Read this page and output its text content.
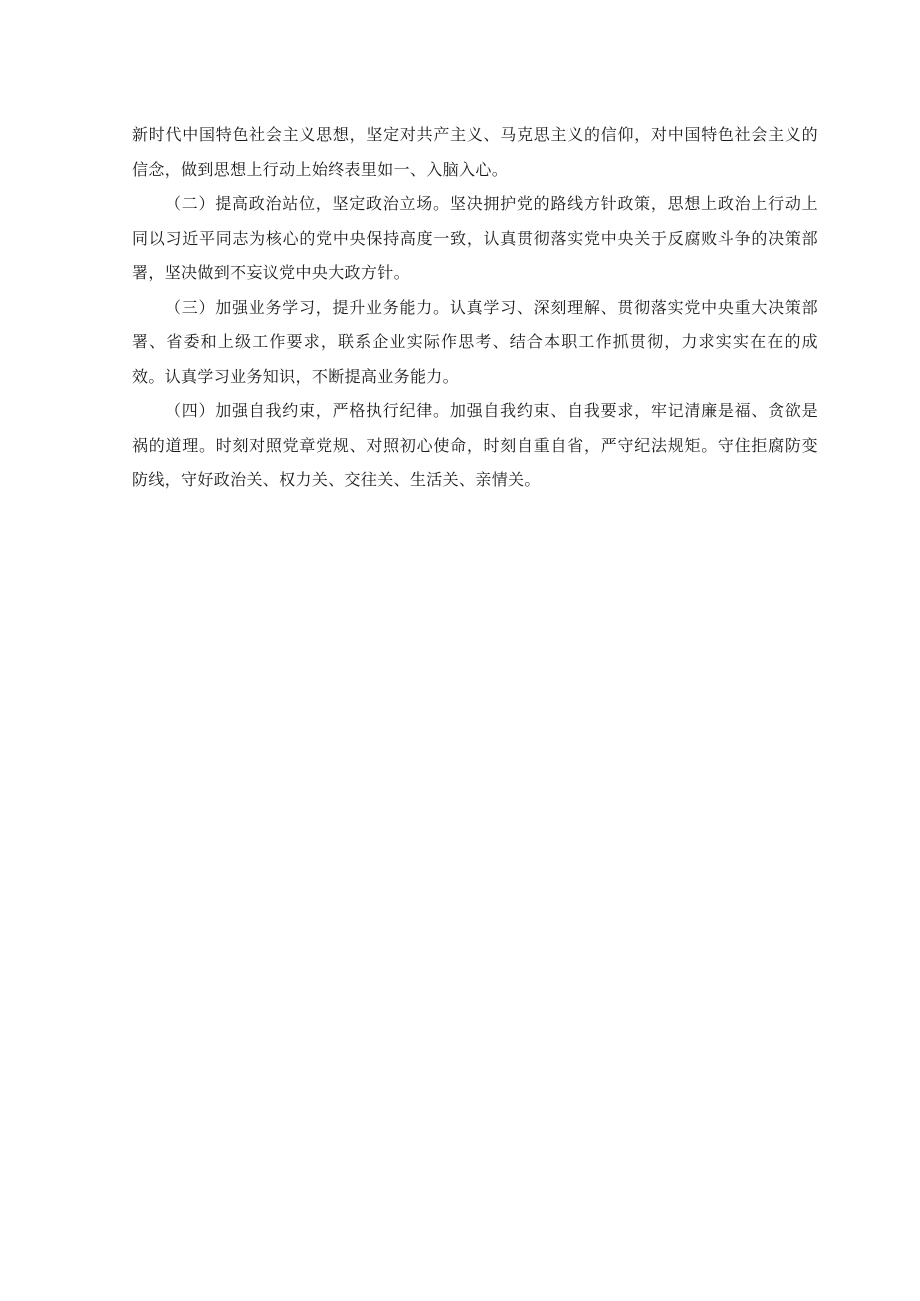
新时代中国特色社会主义思想，坚定对共产主义、马克思主义的信仰，对中国特色社会主义的信念，做到思想上行动上始终表里如一、入脑入心。

（二）提高政治站位，坚定政治立场。坚决拥护党的路线方针政策，思想上政治上行动上同以习近平同志为核心的党中央保持高度一致，认真贯彻落实党中央关于反腐败斗争的决策部署，坚决做到不妄议党中央大政方针。

（三）加强业务学习，提升业务能力。认真学习、深刻理解、贯彻落实党中央重大决策部署、省委和上级工作要求，联系企业实际作思考、结合本职工作抓贯彻，力求实实在在的成效。认真学习业务知识，不断提高业务能力。

（四）加强自我约束，严格执行纪律。加强自我约束、自我要求，牢记清廉是福、贪欲是祸的道理。时刻对照党章党规、对照初心使命，时刻自重自省，严守纪法规矩。守住拒腐防变防线，守好政治关、权力关、交往关、生活关、亲情关。
